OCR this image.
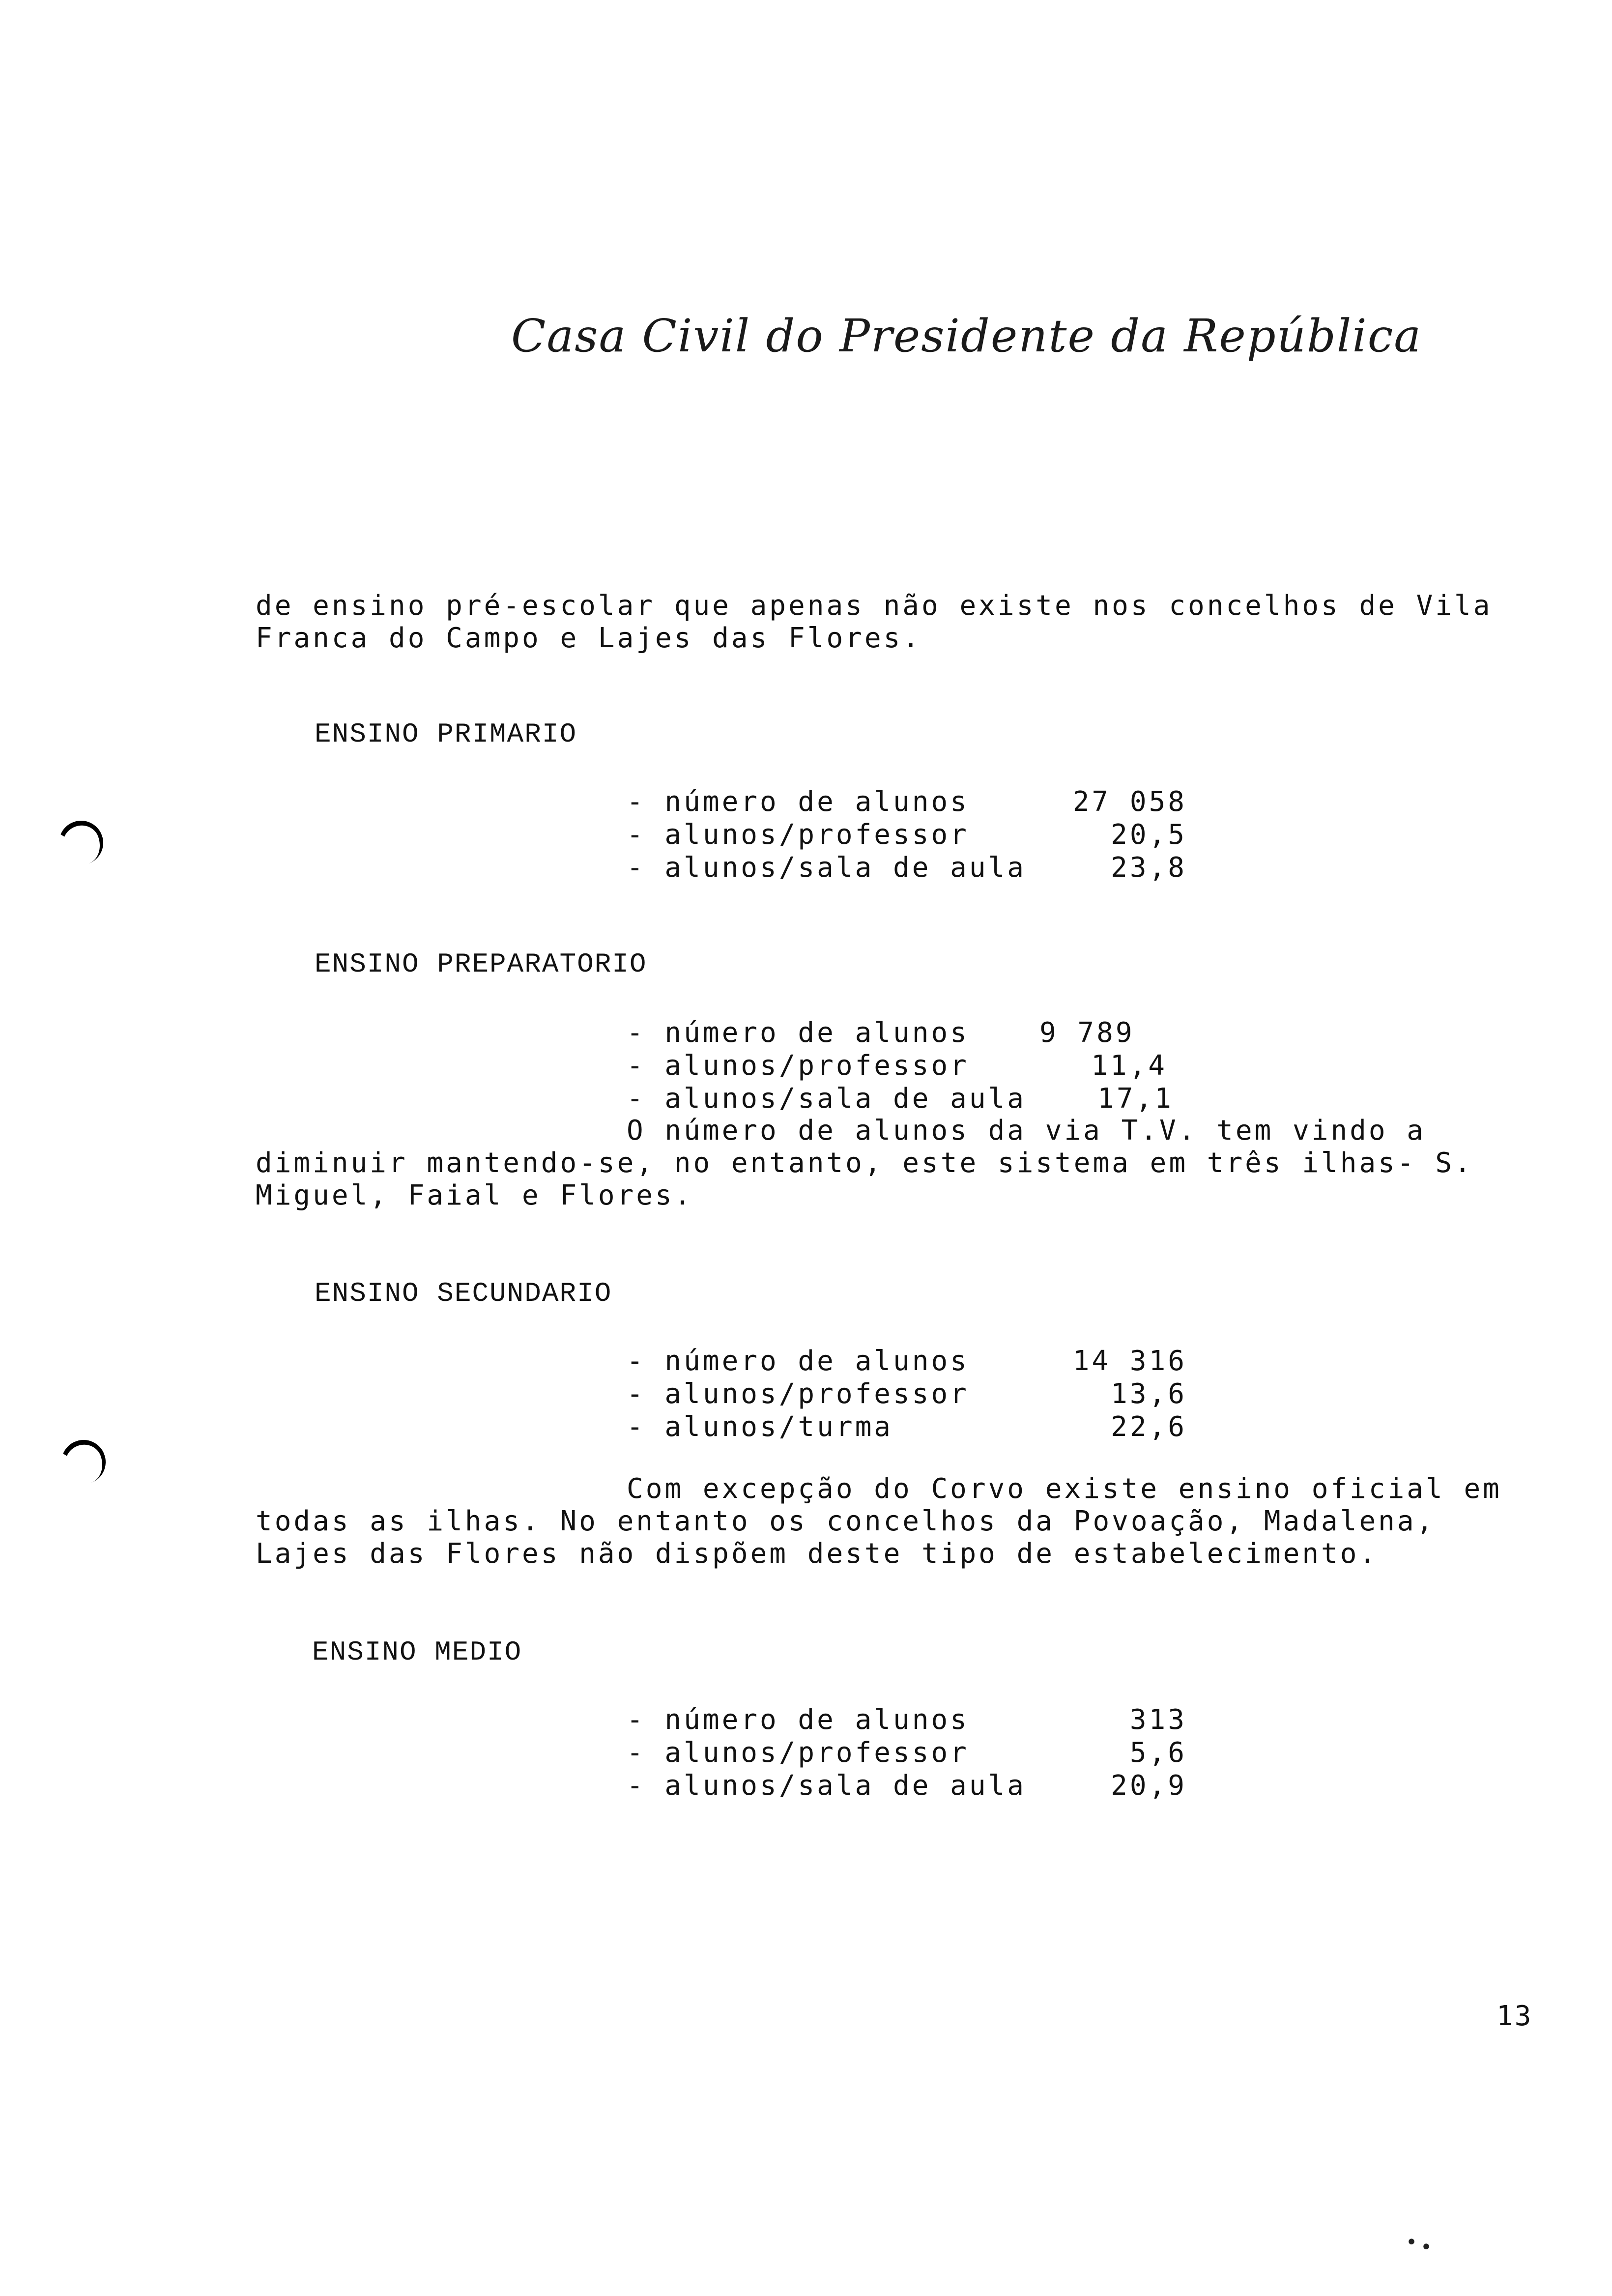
Casa Civil do Presidente da República
de ensino pré-escolar que apenas não existe nos concelhos de Vila
Franca do Campo e Lajes das Flores.
ENSINO PRIMARIO
- número de alunos	27 058
- alunos/professor	20,5
- alunos/sala de aula	23,8
ENSINO PREPARATORIO
- número de alunos	9 789
- alunos/professor	11,4
- alunos/sala de aula	17,1
O número de alunos da via T.V. tem vindo a
diminuir mantendo-se, no entanto, este sistema em três ilhas- S.
Miguel, Faial e Flores.
ENSINO SECUNDARIO
- número de alunos	14 316
- alunos/professor	13,6
- alunos/turma	22,6
Com excepção do Corvo existe ensino oficial em
todas as ilhas. No entanto os concelhos da Povoação, Madalena,
Lajes das Flores não dispõem deste tipo de estabelecimento.
ENSINO MEDIO
- número de alunos	313
- alunos/professor	5,6
- alunos/sala de aula	20,9
13
• •
